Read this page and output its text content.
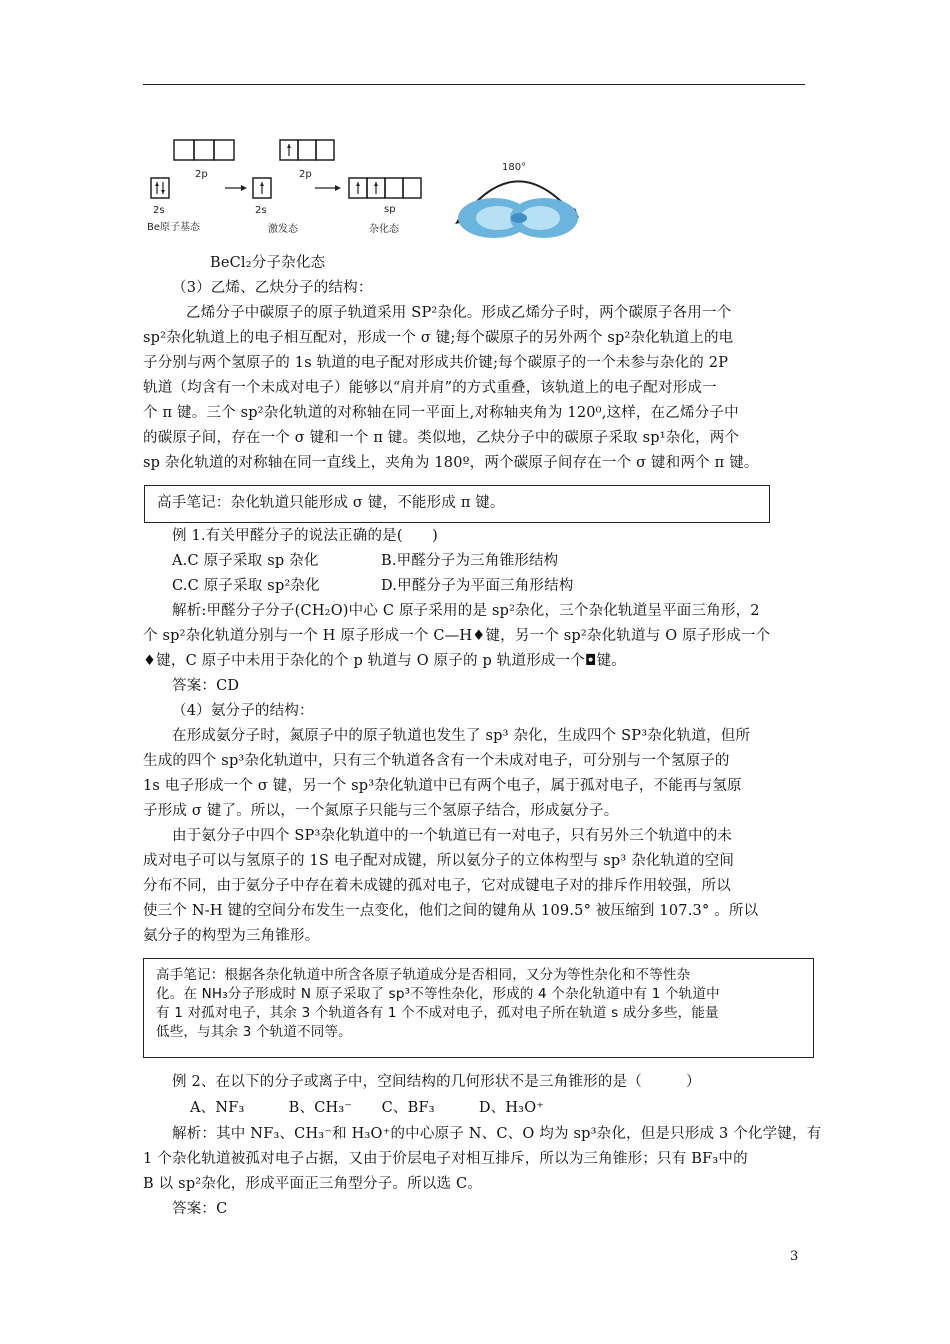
2p
2s
Be原子基态
2p
2s
激发态
sp
杂化态
180°
BeCl₂分子杂化态
（3）乙烯、乙炔分子的结构：
乙烯分子中碳原子的原子轨道采用 SP²杂化。形成乙烯分子时，两个碳原子各用一个
sp²杂化轨道上的电子相互配对，形成一个 σ 键;每个碳原子的另外两个 sp²杂化轨道上的电
子分别与两个氢原子的 1s 轨道的电子配对形成共价键;每个碳原子的一个未参与杂化的 2P
轨道（均含有一个未成对电子）能够以“肩并肩”的方式重叠，该轨道上的电子配对形成一
个 π 键。三个 sp²杂化轨道的对称轴在同一平面上,对称轴夹角为 120⁰,这样，在乙烯分子中
的碳原子间，存在一个 σ 键和一个 π 键。类似地，乙炔分子中的碳原子采取 sp¹杂化，两个
sp 杂化轨道的对称轴在同一直线上，夹角为 180º，两个碳原子间存在一个 σ 键和两个 π 键。
高手笔记：杂化轨道只能形成 σ 键，不能形成 π 键。
例 1.有关甲醛分子的说法正确的是(　　)
A.C 原子采取 sp 杂化	B.甲醛分子为三角锥形结构
C.C 原子采取 sp²杂化	D.甲醛分子为平面三角形结构
解析:甲醛分子分子(CH₂O)中心 C 原子采用的是 sp²杂化，三个杂化轨道呈平面三角形，2
个 sp²杂化轨道分别与一个 H 原子形成一个 C—H♦键，另一个 sp²杂化轨道与 O 原子形成一个
♦键，C 原子中未用于杂化的个 p 轨道与 O 原子的 p 轨道形成一个◘键。
答案：CD
（4）氨分子的结构：
在形成氨分子时，氮原子中的原子轨道也发生了 sp³ 杂化，生成四个 SP³杂化轨道，但所
生成的四个 sp³杂化轨道中，只有三个轨道各含有一个未成对电子，可分别与一个氢原子的
1s 电子形成一个 σ 键，另一个 sp³杂化轨道中已有两个电子，属于孤对电子，不能再与氢原
子形成 σ 键了。所以，一个氮原子只能与三个氢原子结合，形成氨分子。
由于氨分子中四个 SP³杂化轨道中的一个轨道已有一对电子，只有另外三个轨道中的未
成对电子可以与氢原子的 1S 电子配对成键，所以氨分子的立体构型与 sp³ 杂化轨道的空间
分布不同，由于氨分子中存在着未成键的孤对电子，它对成键电子对的排斥作用较强，所以
使三个 N-H 键的空间分布发生一点变化，他们之间的键角从 109.5° 被压缩到 107.3° 。所以
氨分子的构型为三角锥形。
高手笔记：根据各杂化轨道中所含各原子轨道成分是否相同，又分为等性杂化和不等性杂
化。在 NH₃分子形成时 N 原子采取了 sp³不等性杂化，形成的 4 个杂化轨道中有 1 个轨道中
有 1 对孤对电子，其余 3 个轨道各有 1 个不成对电子，孤对电子所在轨道 s 成分多些，能量
低些，与其余 3 个轨道不同等。
例 2、在以下的分子或离子中，空间结构的几何形状不是三角锥形的是（　　　）
A、NF₃　　　B、CH₃⁻　　C、BF₃　　　D、H₃O⁺
解析：其中 NF₃、CH₃⁻和 H₃O⁺的中心原子 N、C、O 均为 sp³杂化，但是只形成 3 个化学键，有
1 个杂化轨道被孤对电子占据，又由于价层电子对相互排斥，所以为三角锥形；只有 BF₃中的
B 以 sp²杂化，形成平面正三角型分子。所以选 C。
答案：C
3
